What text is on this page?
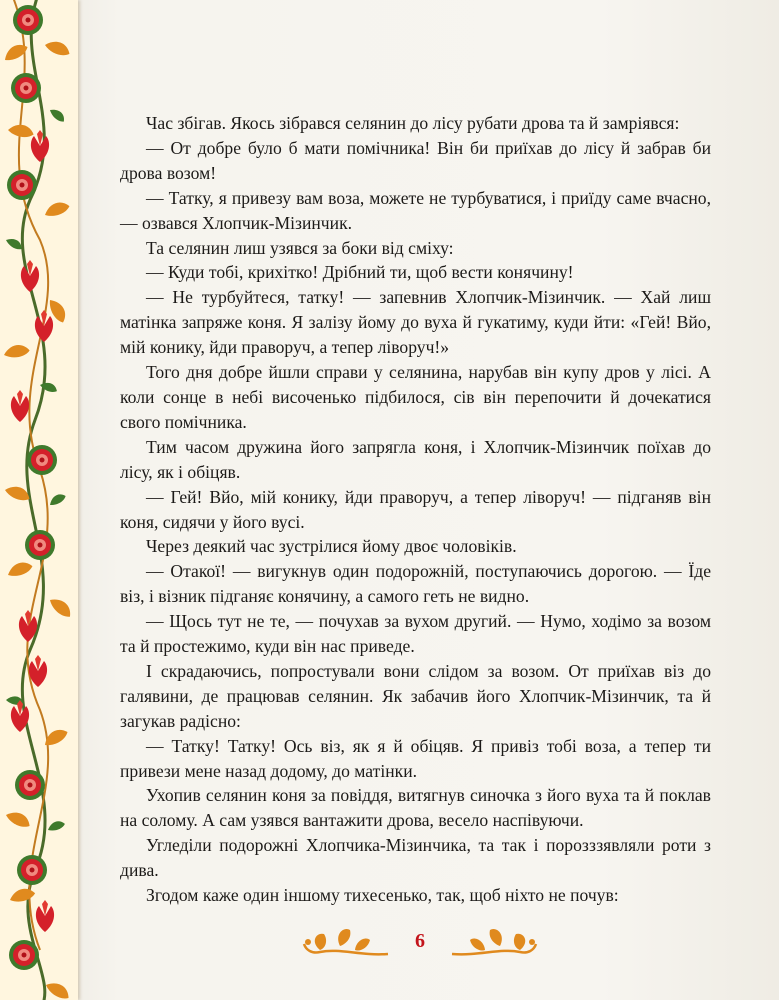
Час збігав. Якось зібрався селянин до лісу рубати дрова та й замріявся:

— От добре було б мати помічника! Він би приїхав до лісу й забрав би дрова возом!

— Татку, я привезу вам воза, можете не турбуватися, і приїду саме вчасно, — озвався Хлопчик-Мізинчик.

Та селянин лиш узявся за боки від сміху:

— Куди тобі, крихітко! Дрібний ти, щоб вести конячину!

— Не турбуйтеся, татку! — запевнив Хлопчик-Мізинчик. — Хай лиш матінка запряже коня. Я залізу йому до вуха й гукатиму, куди йти: «Гей! Вйо, мій конику, йди праворуч, а тепер ліворуч!»

Того дня добре йшли справи у селянина, нарубав він купу дров у лісі. А коли сонце в небі височенько підбилося, сів він перепочити й дочекатися свого помічника.

Тим часом дружина його запрягла коня, і Хлопчик-Мізинчик поїхав до лісу, як і обіцяв.

— Гей! Вйо, мій конику, йди праворуч, а тепер ліворуч! — підганяв він коня, сидячи у його вусі.

Через деякий час зустрілися йому двоє чоловіків.

— Отакої! — вигукнув один подорожній, поступаючись дорогою. — Їде віз, і візник підганяє конячину, а самого геть не видно.

— Щось тут не те, — почухав за вухом другий. — Нумо, ходімо за возом та й простежимо, куди він нас приведе.

І скрадаючись, попростували вони слідом за возом. От приїхав віз до галявини, де працював селянин. Як забачив його Хлопчик-Мізинчик, та й загукав радісно:

— Татку! Татку! Ось віз, як я й обіцяв. Я привіз тобі воза, а тепер ти привези мене назад додому, до матінки.

Ухопив селянин коня за повіддя, витягнув синочка з його вуха та й поклав на солому. А сам узявся вантажити дрова, весело наспівуючи.

Угледіли подорожні Хлопчика-Мізинчика, та так і порозззявляли роти з дива.

Згодом каже один іншому тихесенько, так, щоб ніхто не почув:

6
